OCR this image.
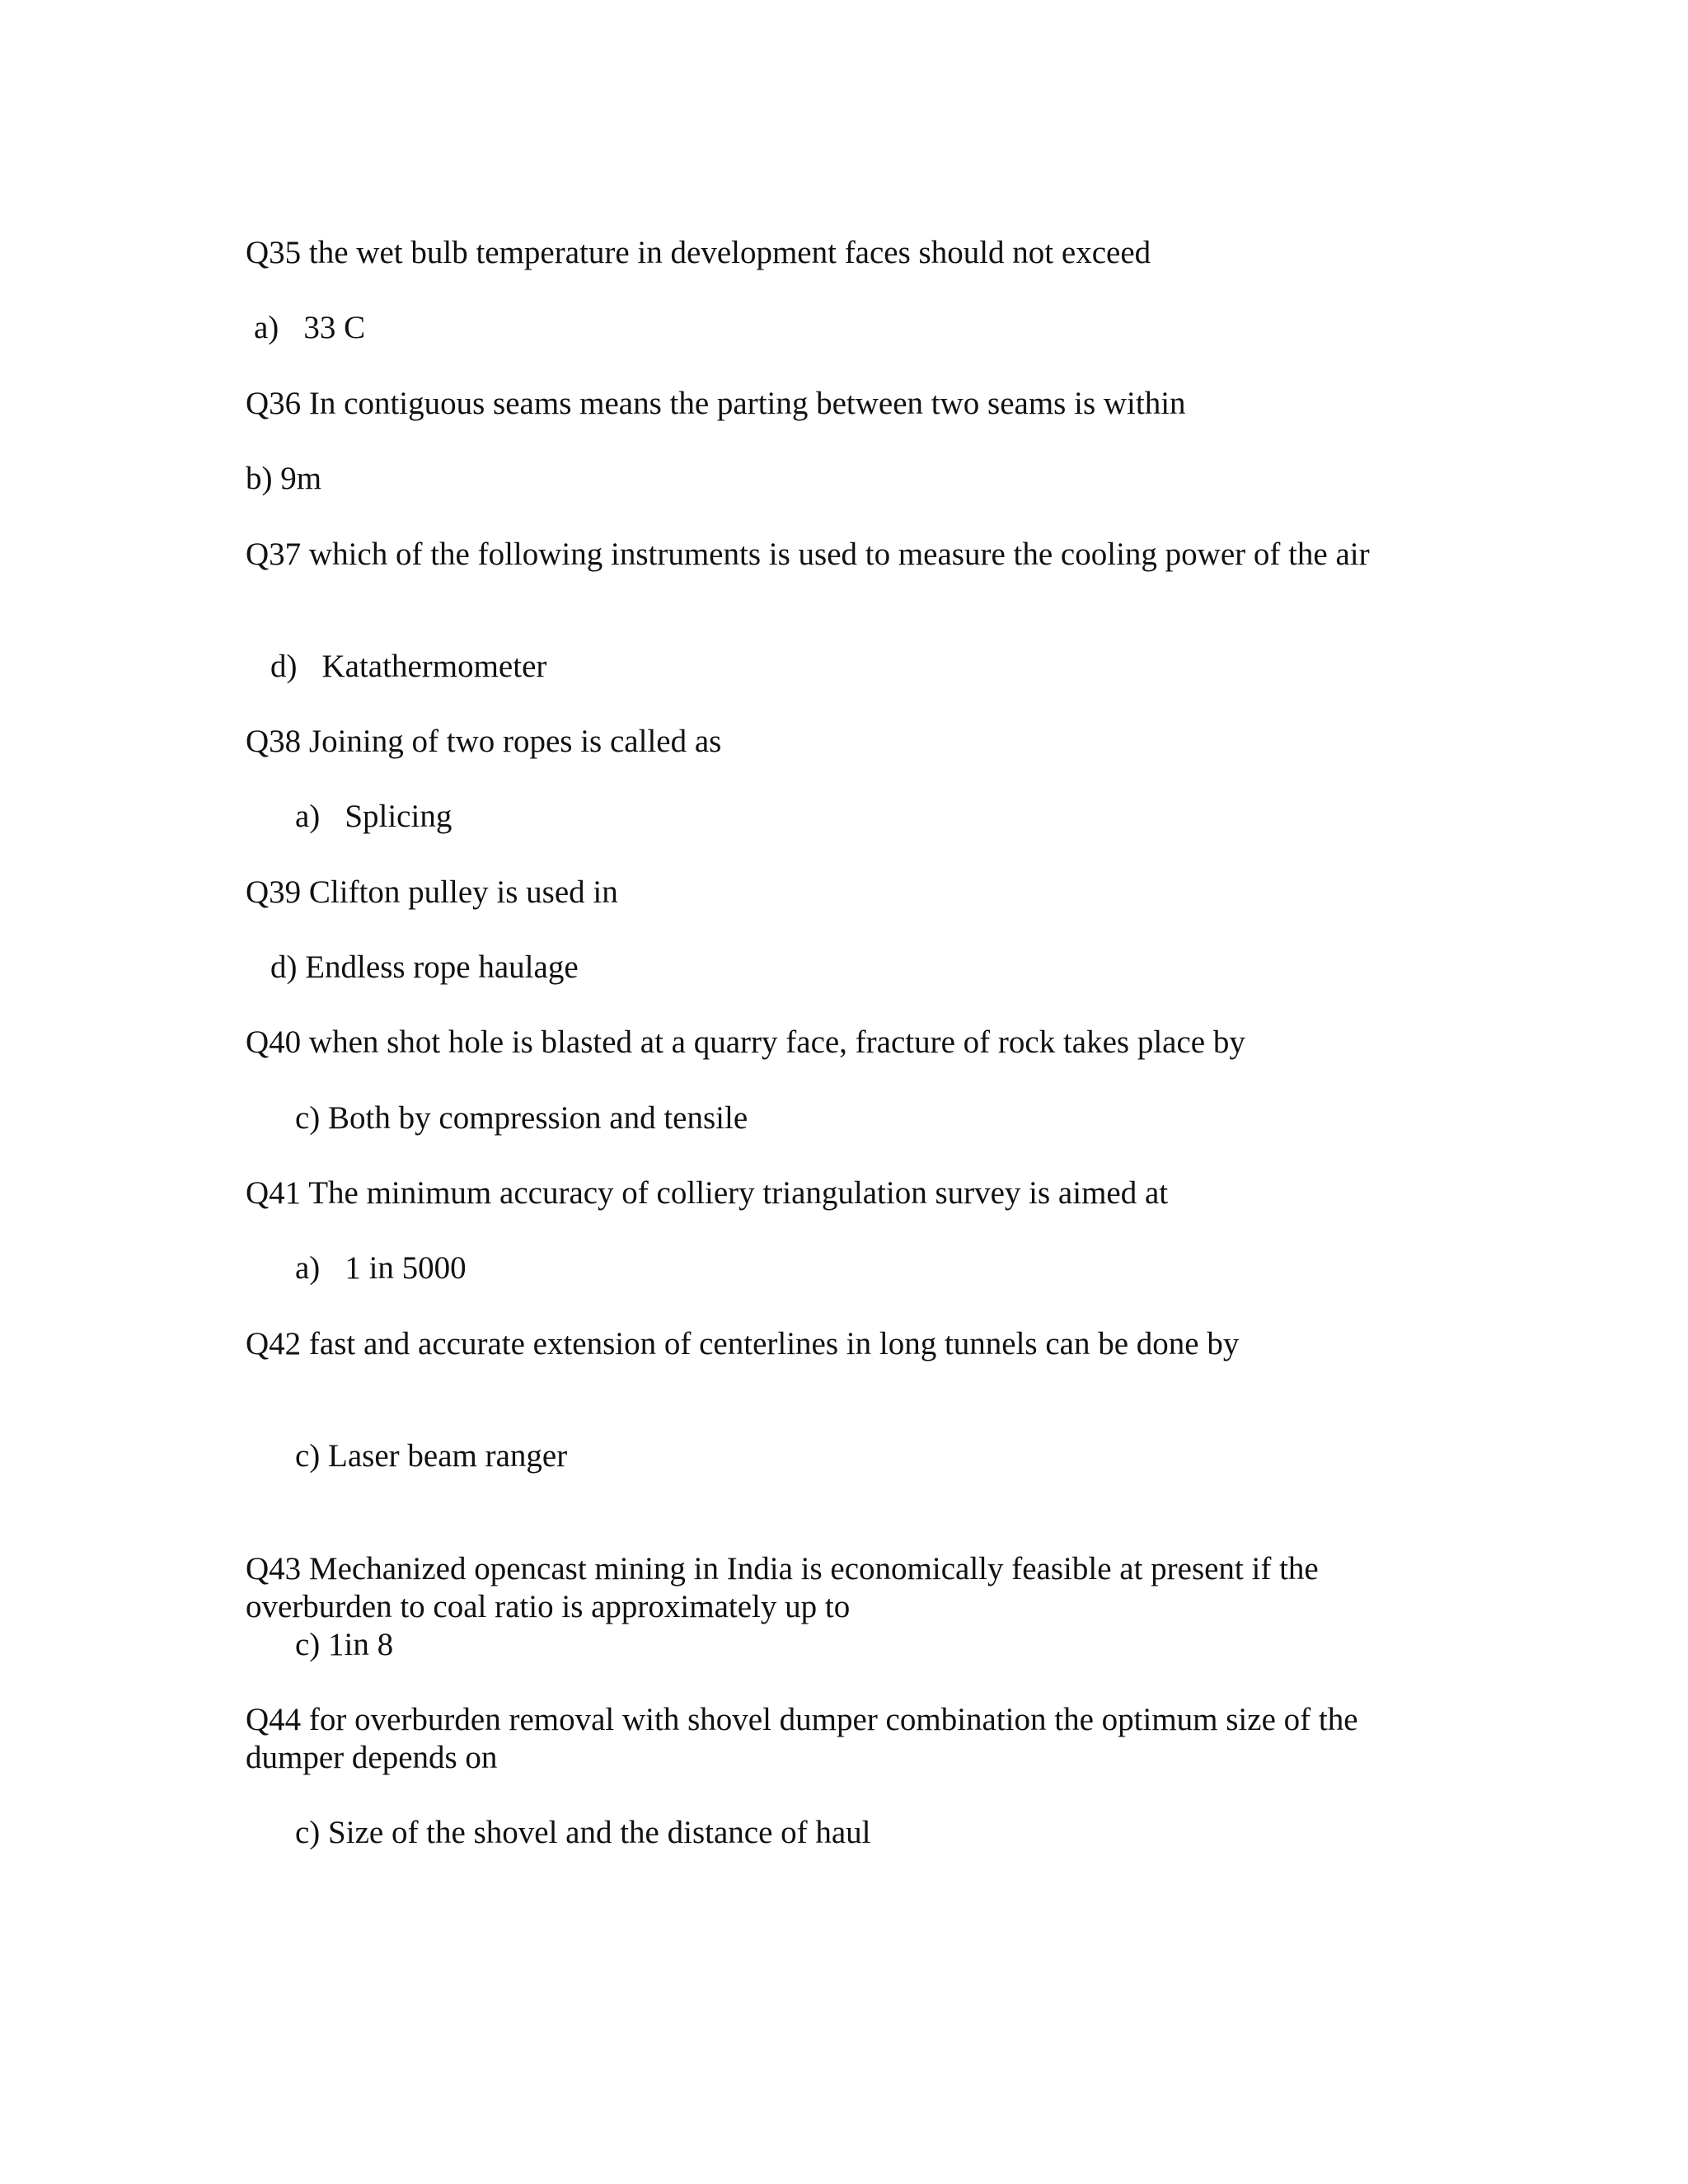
Q35 the wet bulb temperature in development faces should not exceed

a) 33 C

Q36 In contiguous seams means the parting between two seams is within

b) 9m

Q37 which of the following instruments is used to measure the cooling power of the air

d) Katathermometer

Q38 Joining of two ropes is called as

a) Splicing

Q39 Clifton pulley is used in

d) Endless rope haulage

Q40 when shot hole is blasted at a quarry face, fracture of rock takes place by

c) Both by compression and tensile

Q41 The minimum accuracy of colliery triangulation survey is aimed at

a) 1 in 5000

Q42 fast and accurate extension of centerlines in long tunnels can be done by

c) Laser beam ranger

Q43 Mechanized opencast mining in India is economically feasible at present if the overburden to coal ratio is approximately up to

c) 1in 8

Q44 for overburden removal with shovel dumper combination the optimum size of the dumper depends on

c) Size of the shovel and the distance of haul
